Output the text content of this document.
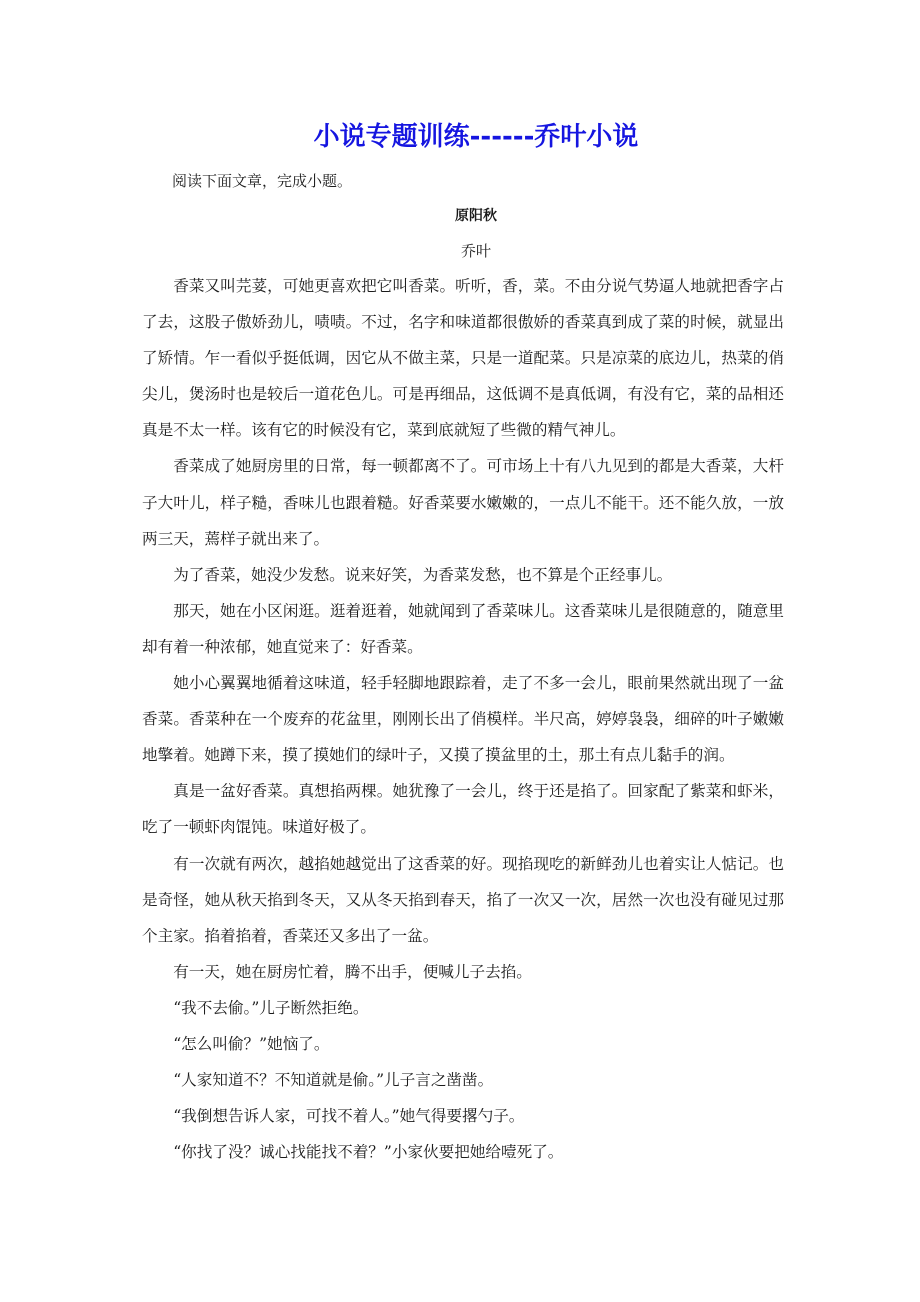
小说专题训练------乔叶小说
阅读下面文章，完成小题。
原阳秋
乔叶

香菜又叫芫荽，可她更喜欢把它叫香菜。听听，香，菜。不由分说气势逼人地就把香字占了去，这股子傲娇劲儿，啧啧。不过，名字和味道都很傲娇的香菜真到成了菜的时候，就显出了矫情。乍一看似乎挺低调，因它从不做主菜，只是一道配菜。只是凉菜的底边儿，热菜的俏尖儿，煲汤时也是较后一道花色儿。可是再细品，这低调不是真低调，有没有它，菜的品相还真是不太一样。该有它的时候没有它，菜到底就短了些微的精气神儿。

香菜成了她厨房里的日常，每一顿都离不了。可市场上十有八九见到的都是大香菜，大杆子大叶儿，样子糙，香味儿也跟着糙。好香菜要水嫩嫩的，一点儿不能干。还不能久放，一放两三天，蔫样子就出来了。

为了香菜，她没少发愁。说来好笑，为香菜发愁，也不算是个正经事儿。

那天，她在小区闲逛。逛着逛着，她就闻到了香菜味儿。这香菜味儿是很随意的，随意里却有着一种浓郁，她直觉来了：好香菜。

她小心翼翼地循着这味道，轻手轻脚地跟踪着，走了不多一会儿，眼前果然就出现了一盆香菜。香菜种在一个废弃的花盆里，刚刚长出了俏模样。半尺高，婷婷袅袅，细碎的叶子嫩嫩地擎着。她蹲下来，摸了摸她们的绿叶子，又摸了摸盆里的土，那土有点儿黏手的润。

真是一盆好香菜。真想掐两棵。她犹豫了一会儿，终于还是掐了。回家配了紫菜和虾米，吃了一顿虾肉馄饨。味道好极了。

有一次就有两次，越掐她越觉出了这香菜的好。现掐现吃的新鲜劲儿也着实让人惦记。也是奇怪，她从秋天掐到冬天，又从冬天掐到春天，掐了一次又一次，居然一次也没有碰见过那个主家。掐着掐着，香菜还又多出了一盆。

有一天，她在厨房忙着，腾不出手，便喊儿子去掐。

“我不去偷。”儿子断然拒绝。

“怎么叫偷？”她恼了。

“人家知道不？不知道就是偷。”儿子言之凿凿。

“我倒想告诉人家，可找不着人。”她气得要撂勺子。

“你找了没？诚心找能找不着？”小家伙要把她给噎死了。
